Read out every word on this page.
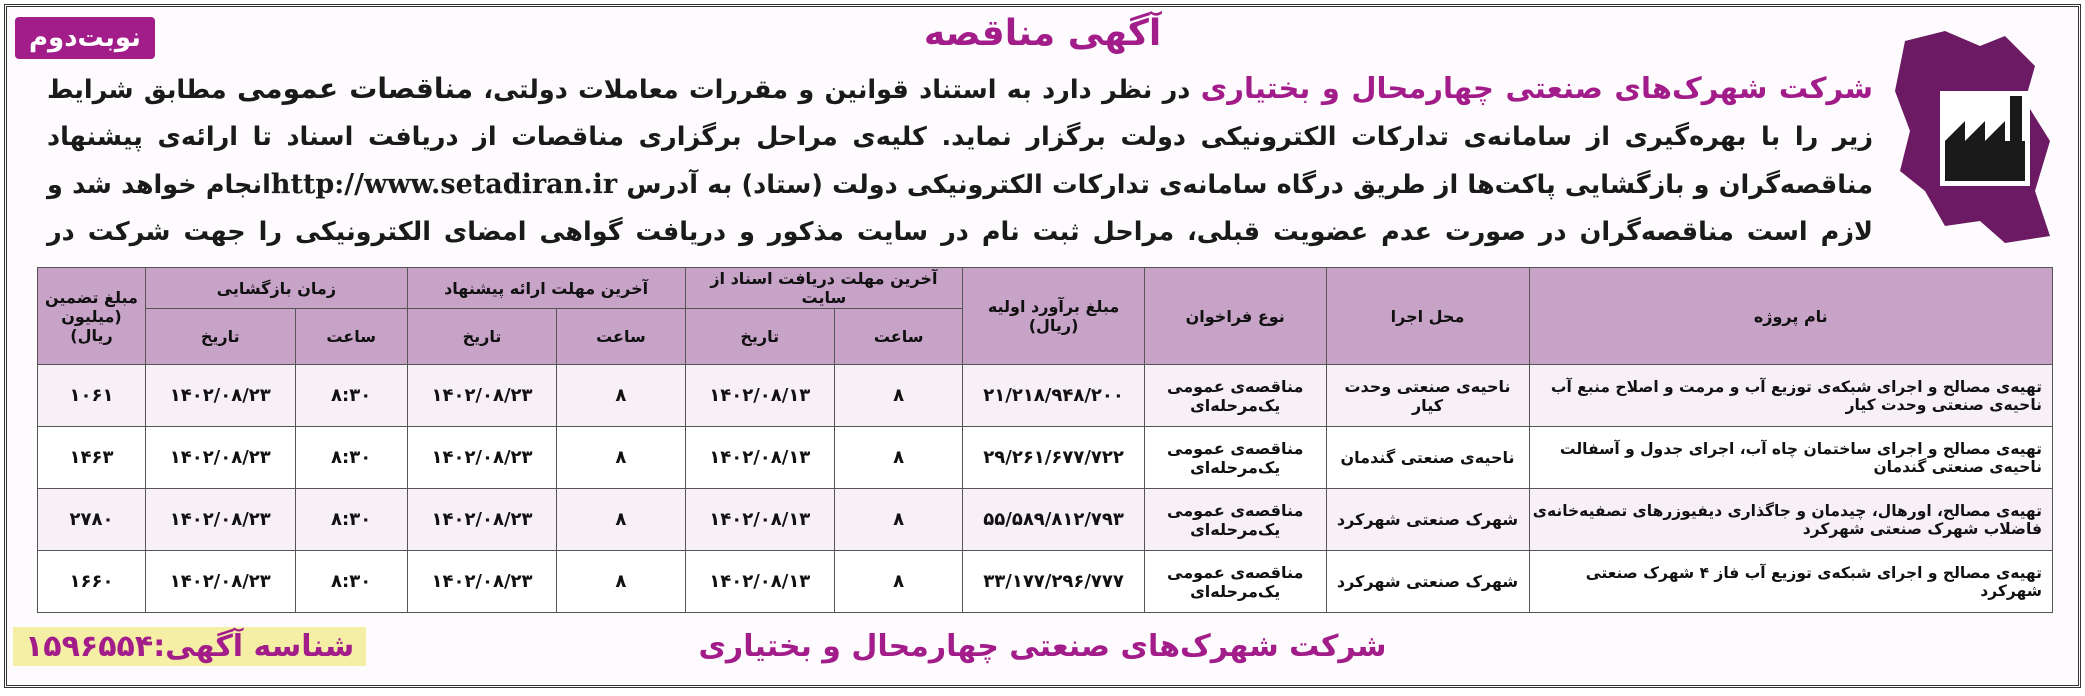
نوبت‌دوم	آگهی مناقصه
شرکت شهرک‌های صنعتی چهارمحال و بختیاری در نظر دارد به استناد قوانین و مقررات معاملات دولتی، مناقصات عمومی مطابق شرایط زیر را با بهره‌گیری از سامانه‌ی تدارکات الکترونیکی دولت برگزار نماید. کلیه‌ی مراحل برگزاری مناقصات از دریافت اسناد تا ارائه‌ی پیشنهاد مناقصه‌گران و بازگشایی پاکت‌ها از طریق درگاه سامانه‌ی تدارکات الکترونیکی دولت (ستاد) به آدرس http://www.setadiran.irانجام خواهد شد و لازم است مناقصه‌گران در صورت عدم عضویت قبلی، مراحل ثبت نام در سایت مذکور و دریافت گواهی امضای الکترونیکی را جهت شرکت در
نام پروژه	محل اجرا	نوع فراخوان	مبلغ برآورد اولیه (ریال)	آخرین مهلت دریافت اسناد از سایت		آخرین مهلت ارائه پیشنهاد		زمان بازگشایی		مبلغ تضمین (میلیون ریال)
				ساعت	تاریخ	ساعت	تاریخ	ساعت	تاریخ	
تهیه‌ی مصالح و اجرای شبکه‌ی توزیع آب و مرمت و اصلاح منبع آب ناحیه‌ی صنعتی وحدت کیار	ناحیه‌ی صنعتی وحدت کیار	مناقصه‌ی عمومی یک‌مرحله‌ای	۲۱/۲۱۸/۹۴۸/۲۰۰	۸	۱۴۰۲/۰۸/۱۳	۸	۱۴۰۲/۰۸/۲۳	۸:۳۰	۱۴۰۲/۰۸/۲۳	۱۰۶۱
تهیه‌ی مصالح و اجرای ساختمان چاه آب، اجرای جدول و آسفالت ناحیه‌ی صنعتی گندمان	ناحیه‌ی صنعتی گندمان	مناقصه‌ی عمومی یک‌مرحله‌ای	۲۹/۲۶۱/۶۷۷/۷۲۲	۸	۱۴۰۲/۰۸/۱۳	۸	۱۴۰۲/۰۸/۲۳	۸:۳۰	۱۴۰۲/۰۸/۲۳	۱۴۶۳
تهیه‌ی مصالح، اورهال، چیدمان و جاگذاری دیفیوزرهای تصفیه‌خانه‌ی فاضلاب شهرک صنعتی شهرکرد	شهرک صنعتی شهرکرد	مناقصه‌ی عمومی یک‌مرحله‌ای	۵۵/۵۸۹/۸۱۲/۷۹۳	۸	۱۴۰۲/۰۸/۱۳	۸	۱۴۰۲/۰۸/۲۳	۸:۳۰	۱۴۰۲/۰۸/۲۳	۲۷۸۰
تهیه‌ی مصالح و اجرای شبکه‌ی توزیع آب فاز ۴ شهرک صنعتی شهرکرد	شهرک صنعتی شهرکرد	مناقصه‌ی عمومی یک‌مرحله‌ای	۳۳/۱۷۷/۲۹۶/۷۷۷	۸	۱۴۰۲/۰۸/۱۳	۸	۱۴۰۲/۰۸/۲۳	۸:۳۰	۱۴۰۲/۰۸/۲۳	۱۶۶۰
شناسه آگهی:۱۵۹۶۵۵۴	شرکت شهرک‌های صنعتی چهارمحال و بختیاری
